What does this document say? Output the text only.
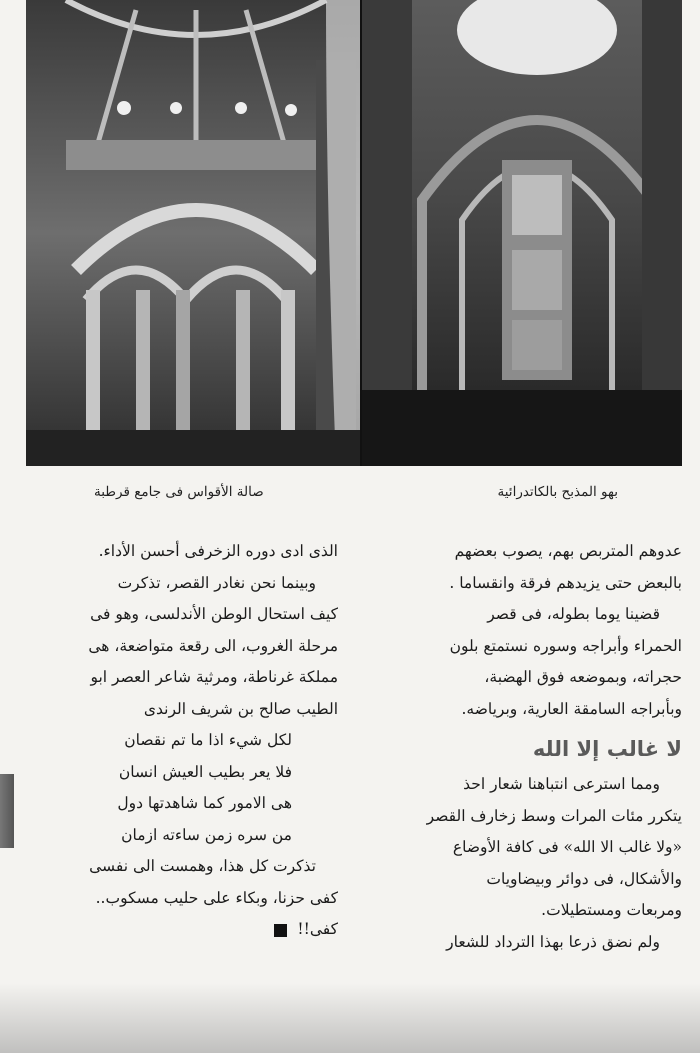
صالة الأقواس فى جامع قرطبة	بهو المذبح بالكاتدرائية

عدوهم المتربص بهم، يصوب بعضهم
بالبعض حتى يزيدهم فرقة وانقساما .

قضينا يوما بطوله، فى قصر
الحمراء وأبراجه وسوره نستمتع بلون
حجراته، وبموضعه فوق الهضبة،
وبأبراجه السامقة العارية، وبرياضه.

لا غالب إلا الله

ومما استرعى انتباهنا شعار احذ
يتكرر مئات المرات وسط زخارف القصر
«ولا غالب الا الله» فى كافة الأوضاع
والأشكال، فى دوائر وبيضاويات
ومربعات ومستطيلات.

ولم نضق ذرعا بهذا الترداد للشعار

الذى ادى دوره الزخرفى أحسن الأداء.

وبينما نحن نغادر القصر، تذكرت
كيف استحال الوطن الأندلسى، وهو فى
مرحلة الغروب، الى رقعة متواضعة، هى
مملكة غرناطة، ومرثية شاعر العصر ابو
الطيب صالح بن شريف الرندى

لكل شيء اذا ما تم نقصان
فلا يعر بطيب العيش انسان
هى الامور كما شاهدتها دول
من سره زمن ساءته ازمان

تذكرت كل هذا، وهمست الى نفسى
كفى حزنا، وبكاء على حليب مسكوب..
كفى!!
